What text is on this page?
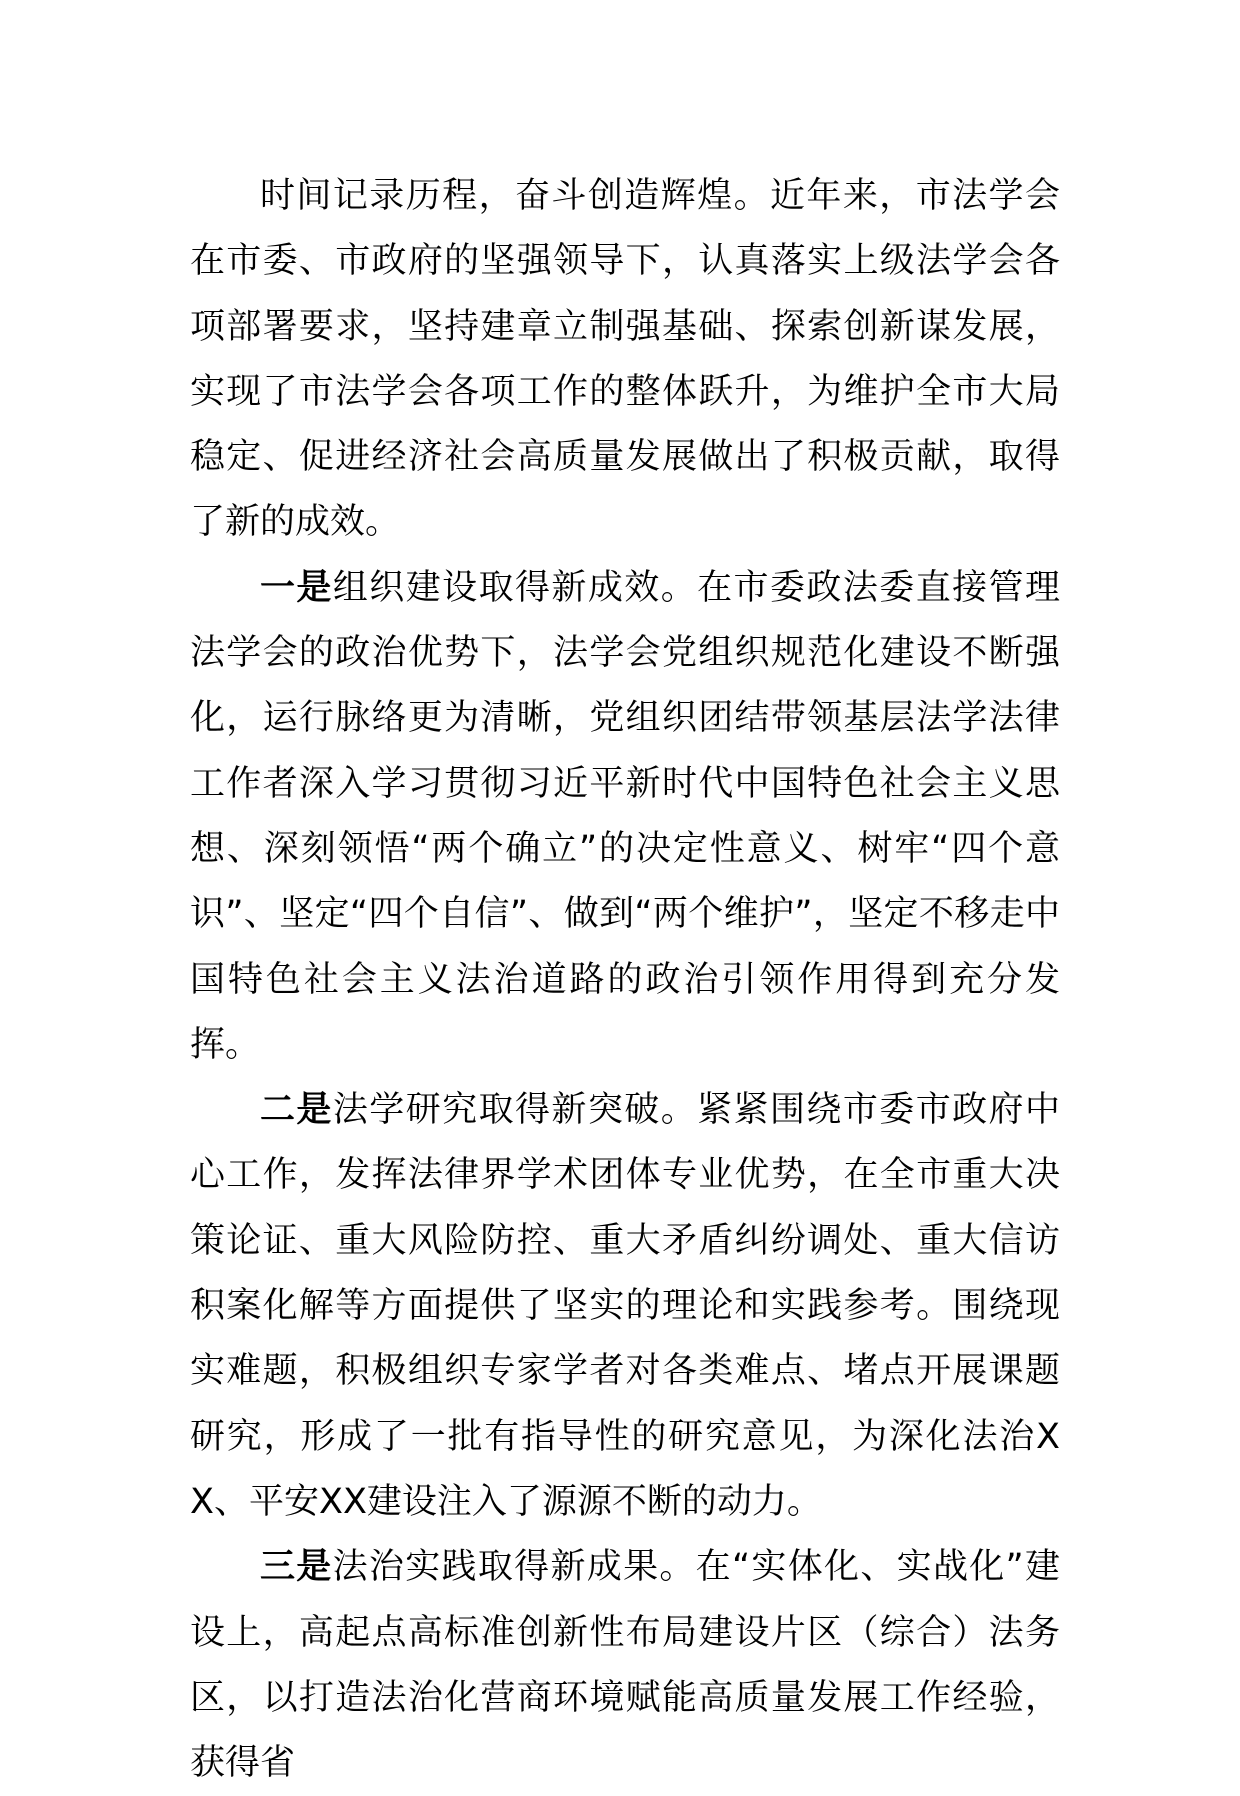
时间记录历程，奋斗创造辉煌。近年来，市法学会在市委、市政府的坚强领导下，认真落实上级法学会各项部署要求，坚持建章立制强基础、探索创新谋发展，实现了市法学会各项工作的整体跃升，为维护全市大局稳定、促进经济社会高质量发展做出了积极贡献，取得了新的成效。

一是组织建设取得新成效。在市委政法委直接管理法学会的政治优势下，法学会党组织规范化建设不断强化，运行脉络更为清晰，党组织团结带领基层法学法律工作者深入学习贯彻习近平新时代中国特色社会主义思想、深刻领悟“两个确立”的决定性意义、树牢“四个意识”、坚定“四个自信”、做到“两个维护”，坚定不移走中国特色社会主义法治道路的政治引领作用得到充分发挥。

二是法学研究取得新突破。紧紧围绕市委市政府中心工作，发挥法律界学术团体专业优势，在全市重大决策论证、重大风险防控、重大矛盾纠纷调处、重大信访积案化解等方面提供了坚实的理论和实践参考。围绕现实难题，积极组织专家学者对各类难点、堵点开展课题研究，形成了一批有指导性的研究意见，为深化法治XX、平安XX建设注入了源源不断的动力。

三是法治实践取得新成果。在“实体化、实战化”建设上，高起点高标准创新性布局建设片区（综合）法务区，以打造法治化营商环境赋能高质量发展工作经验，获得省
